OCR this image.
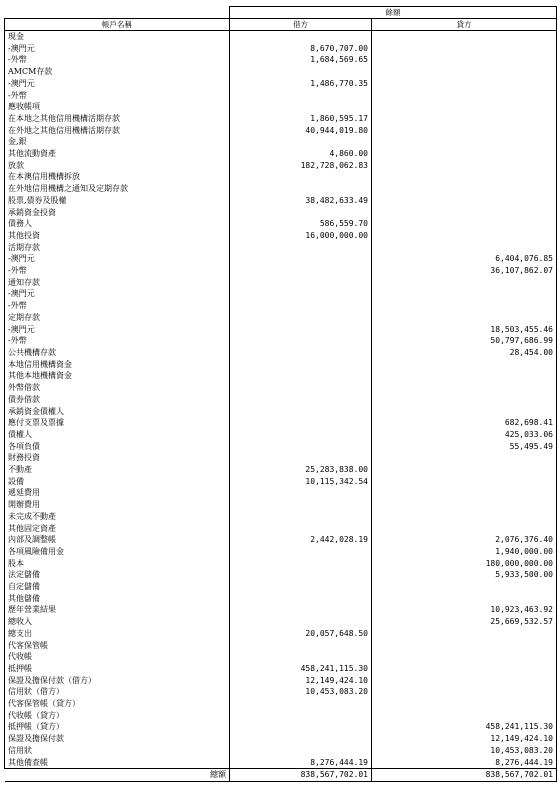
	餘額	
帳戶名稱	借方	貸方
現金		
-澳門元	8,670,707.00	
-外幣	1,684,569.65	
AMCM存款		
-澳門元	1,486,770.35	
-外幣		
應收帳項		
在本地之其他信用機構活期存款	1,860,595.17	
在外地之其他信用機構活期存款	40,944,019.80	
金,銀		
其他流動資產	4,860.00	
放款	182,728,062.83	
在本澳信用機構拆放		
在外地信用機構之通知及定期存款		
股票,債券及股權	38,482,633.49	
承銷資金投資		
債務人	586,559.70	
其他投資	16,000,000.00	
活期存款		
-澳門元		6,404,076.85
-外幣		36,107,862.07
通知存款		
-澳門元		
-外幣		
定期存款		
-澳門元		18,503,455.46
-外幣		50,797,686.99
公共機構存款		28,454.00
本地信用機構資金		
其他本地機構資金		
外幣借款		
債券借款		
承銷資金債權人		
應付支票及票據		682,698.41
債權人		425,033.06
各項負債		55,495.49
財務投資		
不動產	25,283,838.00	
設備	10,115,342.54	
遞延費用		
開辦費用		
未完成不動產		
其他固定資產		
內部及調整帳	2,442,028.19	2,076,376.40
各項風險備用金		1,940,000.00
股本		180,000,000.00
法定儲備		5,933,500.00
自定儲備		
其他儲備		
歷年營業結果		10,923,463.92
總收入		25,669,532.57
總支出	20,057,648.50	
代客保管帳		
代收帳		
抵押帳	458,241,115.30	
保證及擔保付款（借方）	12,149,424.10	
信用狀（借方）	10,453,083.20	
代客保管帳（貸方）		
代收帳（貸方）		
抵押帳（貸方）		458,241,115.30
保證及擔保付款		12,149,424.10
信用狀		10,453,083.20
其他備查帳	8,276,444.19	8,276,444.19
總額	838,567,702.01	838,567,702.01
